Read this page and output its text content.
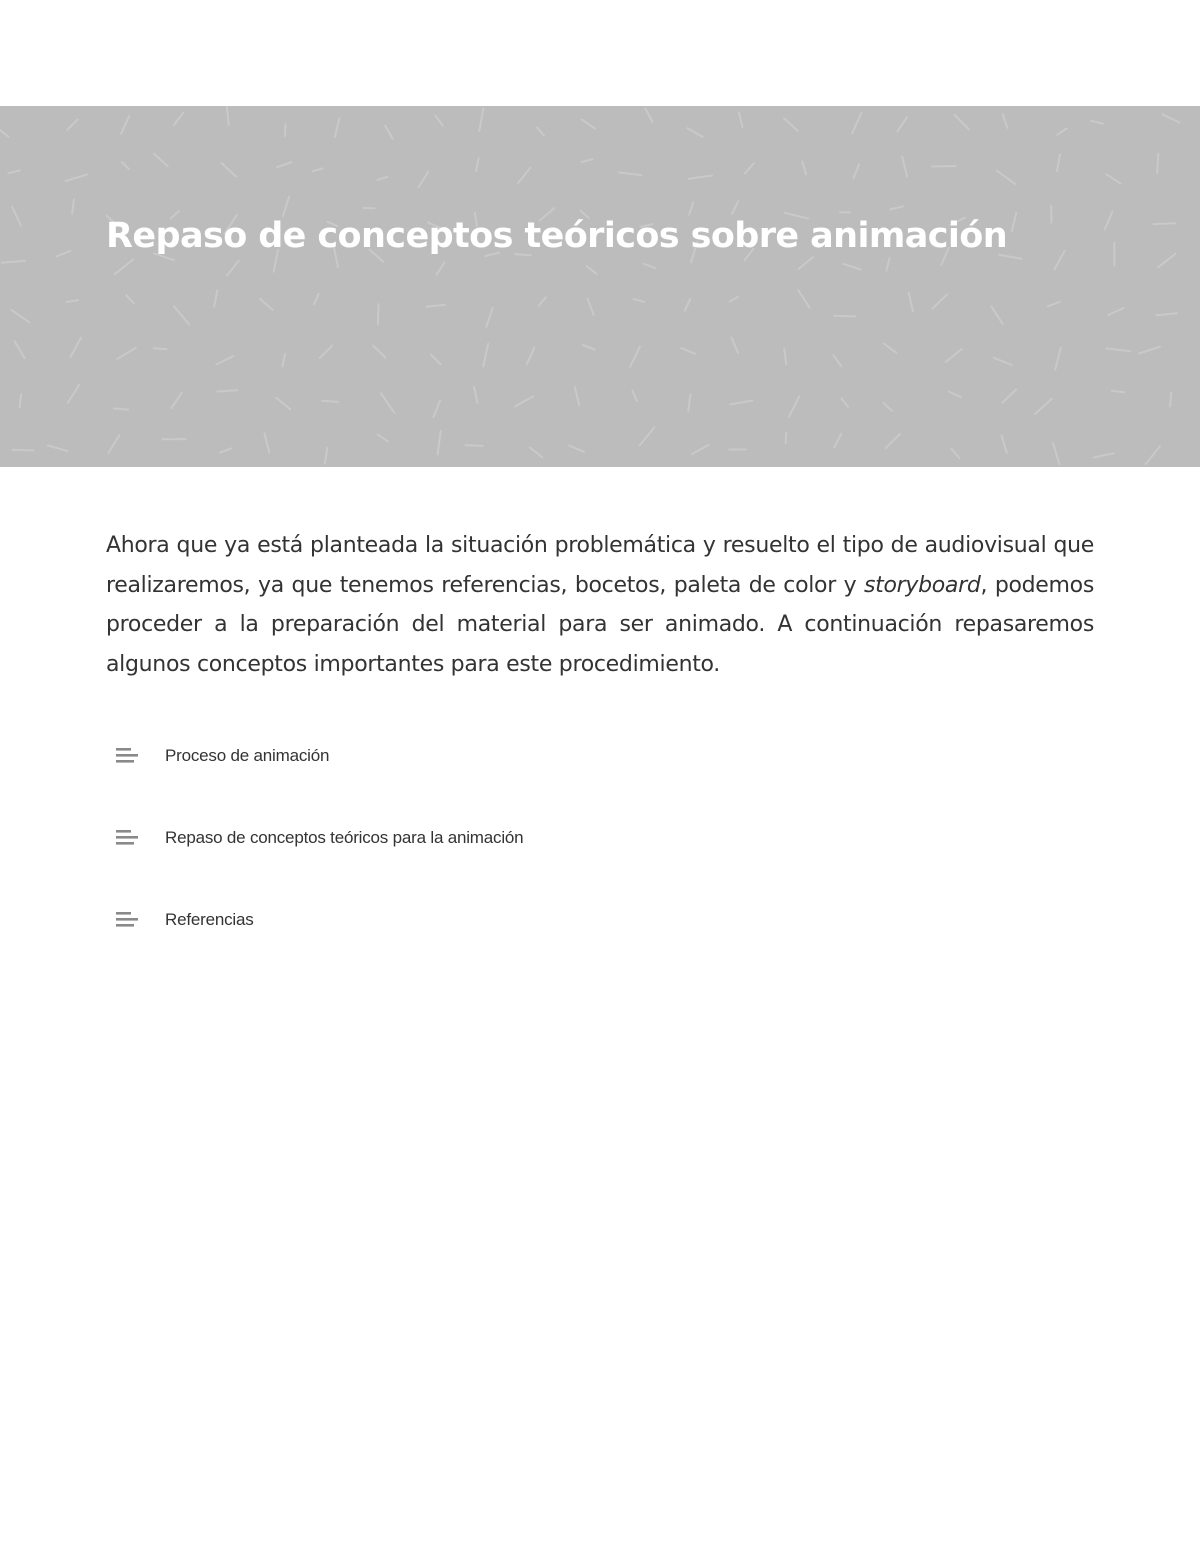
Repaso de conceptos teóricos sobre animación

Ahora que ya está planteada la situación problemática y resuelto el tipo de audiovisual que realizaremos, ya que tenemos referencias, bocetos, paleta de color y storyboard, podemos proceder a la preparación del material para ser animado. A continuación repasaremos algunos conceptos importantes para este procedimiento.

Proceso de animación
Repaso de conceptos teóricos para la animación
Referencias
